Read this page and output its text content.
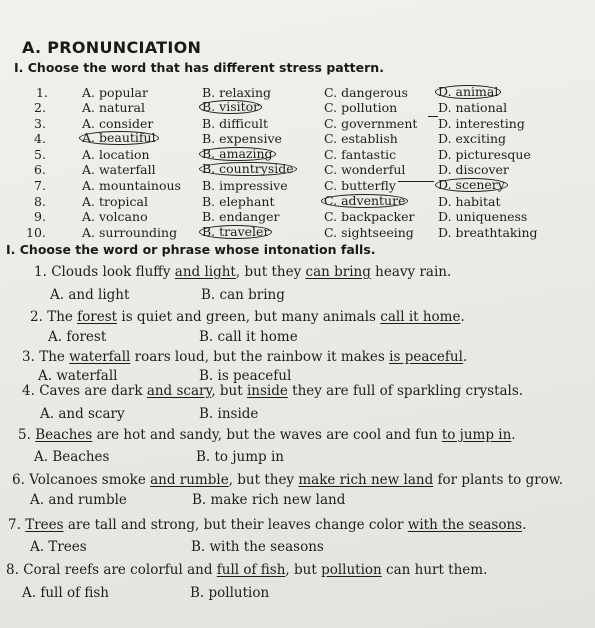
A. PRONUNCIATION
I. Choose the word that has different stress pattern.
1.	A. popular	B. relaxing	C. dangerous D. animal
2.	A. natural	B. visitor	C. pollution	D. national
3.	A. consider	B. difficult	C. government D. interesting
4.	A. beautiful	B. expensive	C. establish	D. exciting
5.	A. location	B. amazing	C. fantastic	D. picturesque
6.	A. waterfall	B. countryside C. wonderful	D. discover
7.	A. mountainous B. impressive	C. butterfly	D. scenery
8.	A. tropical	B. elephant	C. adventure	D. habitat
9.	A. volcano	B. endanger	C. backpacker D. uniqueness
10.	A. surrounding B. traveler	C. sightseeing D. breathtaking
I. Choose the word or phrase whose intonation falls.
1. Clouds look fluffy and light, but they can bring heavy rain.
A. and light	B. can bring
2. The forest is quiet and green, but many animals call it home.
A. forest	B. call it home
3. The waterfall roars loud, but the rainbow it makes is peaceful.
A. waterfall	B. is peaceful
4. Caves are dark and scary, but inside they are full of sparkling crystals.
A. and scary	B. inside
5. Beaches are hot and sandy, but the waves are cool and fun to jump in.
A. Beaches	B. to jump in
6. Volcanoes smoke and rumble, but they make rich new land for plants to grow.
A. and rumble	B. make rich new land
7. Trees are tall and strong, but their leaves change color with the seasons.
A. Trees	B. with the seasons
8. Coral reefs are colorful and full of fish, but pollution can hurt them.
A. full of fish	B. pollution
